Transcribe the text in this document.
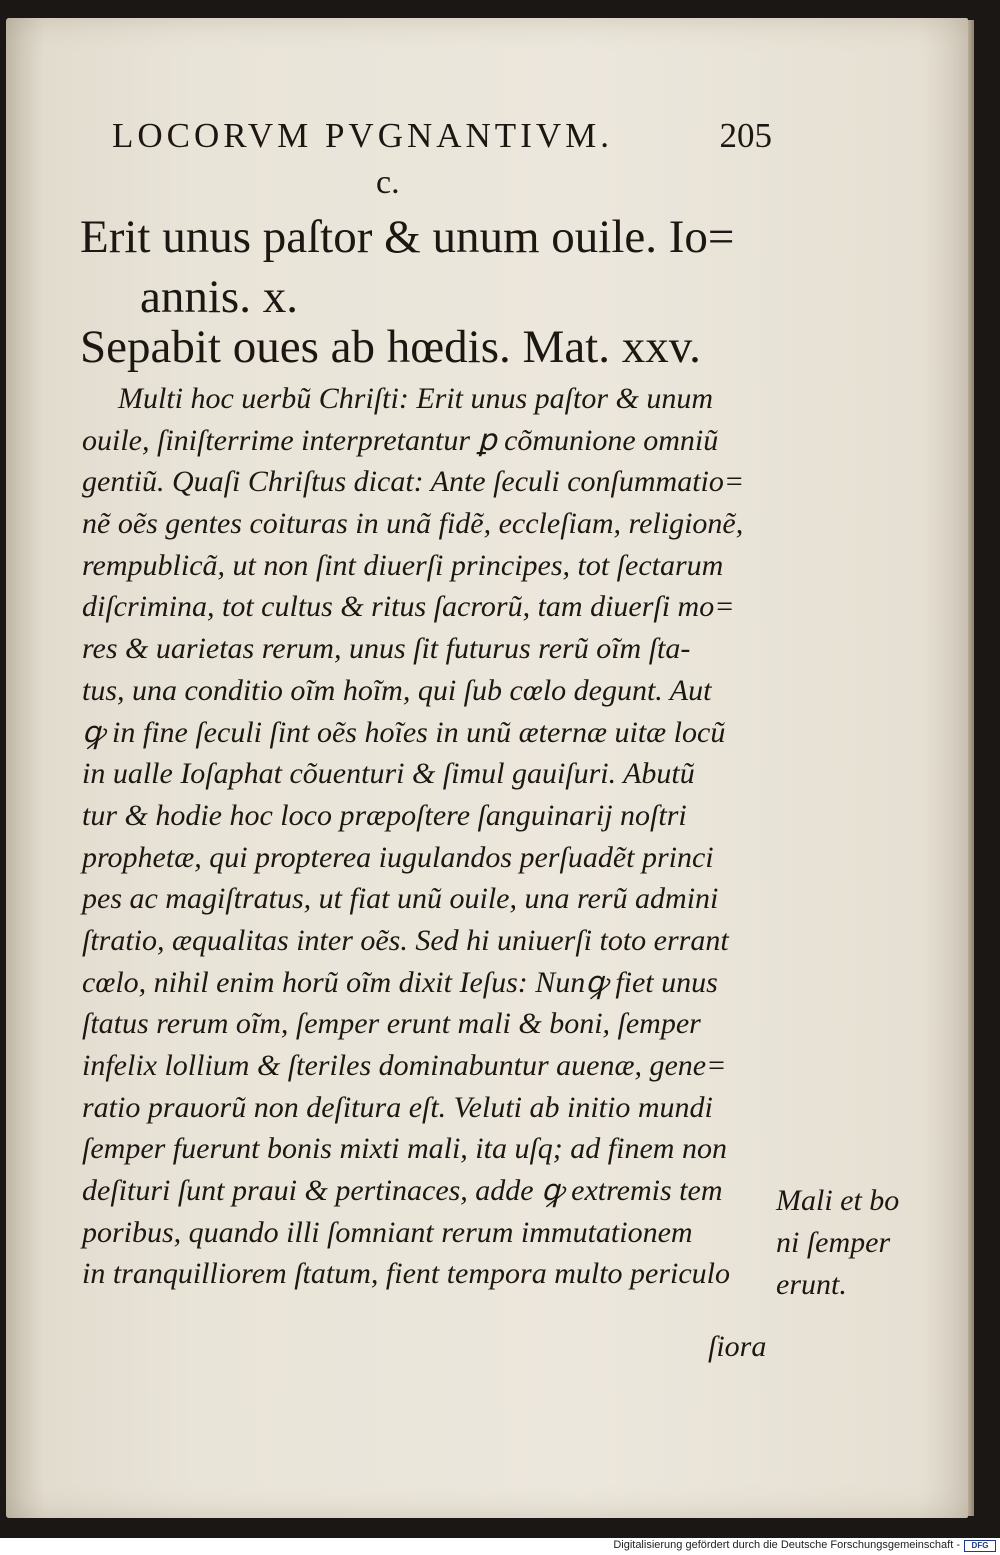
LOCORVM PVGNANTIVM.	205
c.
Erit unus paſtor & unum ouile. Io=
annis. x.
Sepabit oues ab hœdis. Mat. xxv.
Multi hoc uerbũ Chriſti: Erit unus paſtor & unum
ouile, ſiniſterrime interpretantur ꝑ cõmunione omniũ
gentiũ. Quaſi Chriſtus dicat: Ante ſeculi conſummatio=
nẽ oẽs gentes coituras in unã fidẽ, eccleſiam, religionẽ,
rempublicã, ut non ſint diuerſi principes, tot ſectarum
diſcrimina, tot cultus & ritus ſacrorũ, tam diuerſi mo=
res & uarietas rerum, unus ſit futurus rerũ oĩm ſta-
tus, una conditio oĩm hoĩm, qui ſub cœlo degunt. Aut
ꝙ in fine ſeculi ſint oẽs hoĩes in unũ æternæ uitæ locũ
in ualle Ioſaphat cõuenturi & ſimul gauiſuri. Abutũ
tur & hodie hoc loco præpoſtere ſanguinarij noſtri
prophetæ, qui propterea iugulandos perſuadẽt princi
pes ac magiſtratus, ut fiat unũ ouile, una rerũ admini
ſtratio, æqualitas inter oẽs. Sed hi uniuerſi toto errant
cœlo, nihil enim horũ oĩm dixit Ieſus: Nunꝙ fiet unus
ſtatus rerum oĩm, ſemper erunt mali & boni, ſemper
infelix lollium & ſteriles dominabuntur auenæ, gene=
ratio prauorũ non deſitura eſt. Veluti ab initio mundi
ſemper fuerunt bonis mixti mali, ita uſq; ad finem non
deſituri ſunt praui & pertinaces, adde ꝙ extremis tem
poribus, quando illi ſomniant rerum immutationem
in tranquilliorem ſtatum, fient tempora multo periculo
ſiora
Mali et bo
ni ſemper
erunt.
Digitalisierung gefördert durch die Deutsche Forschungsgemeinschaft -	DFG
